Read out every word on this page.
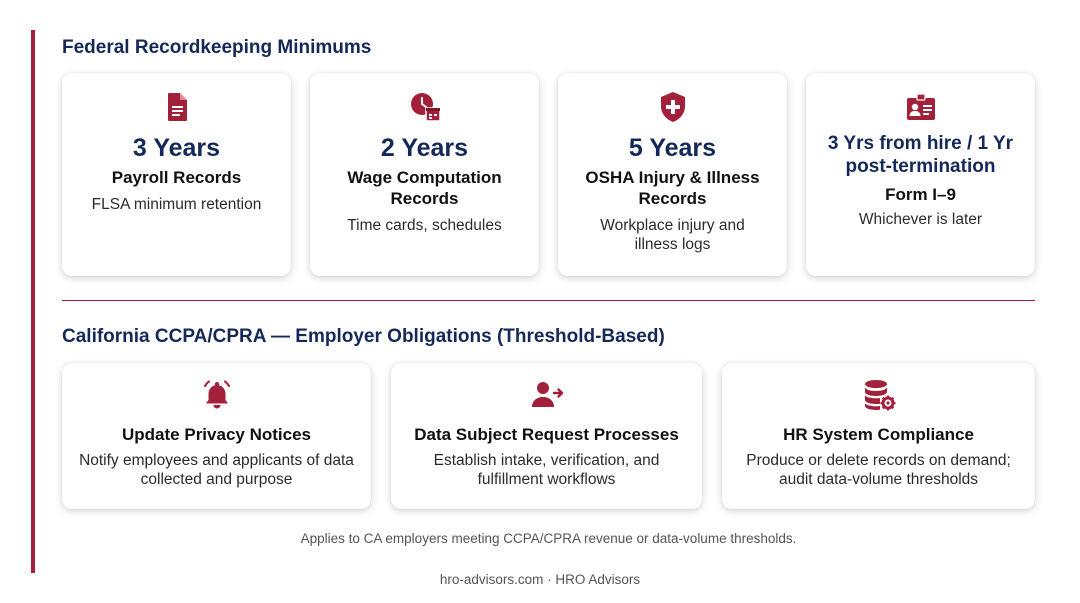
Federal Recordkeeping Minimums
3 Years
Payroll Records
FLSA minimum retention
2 Years
Wage Computation Records
Time cards, schedules
5 Years
OSHA Injury & Illness Records
Workplace injury and illness logs
3 Yrs from hire / 1 Yr post-termination
Form I–9
Whichever is later
California CCPA/CPRA — Employer Obligations (Threshold-Based)
Update Privacy Notices
Notify employees and applicants of data collected and purpose
Data Subject Request Processes
Establish intake, verification, and fulfillment workflows
HR System Compliance
Produce or delete records on demand; audit data-volume thresholds
Applies to CA employers meeting CCPA/CPRA revenue or data-volume thresholds.
hro-advisors.com · HRO Advisors
